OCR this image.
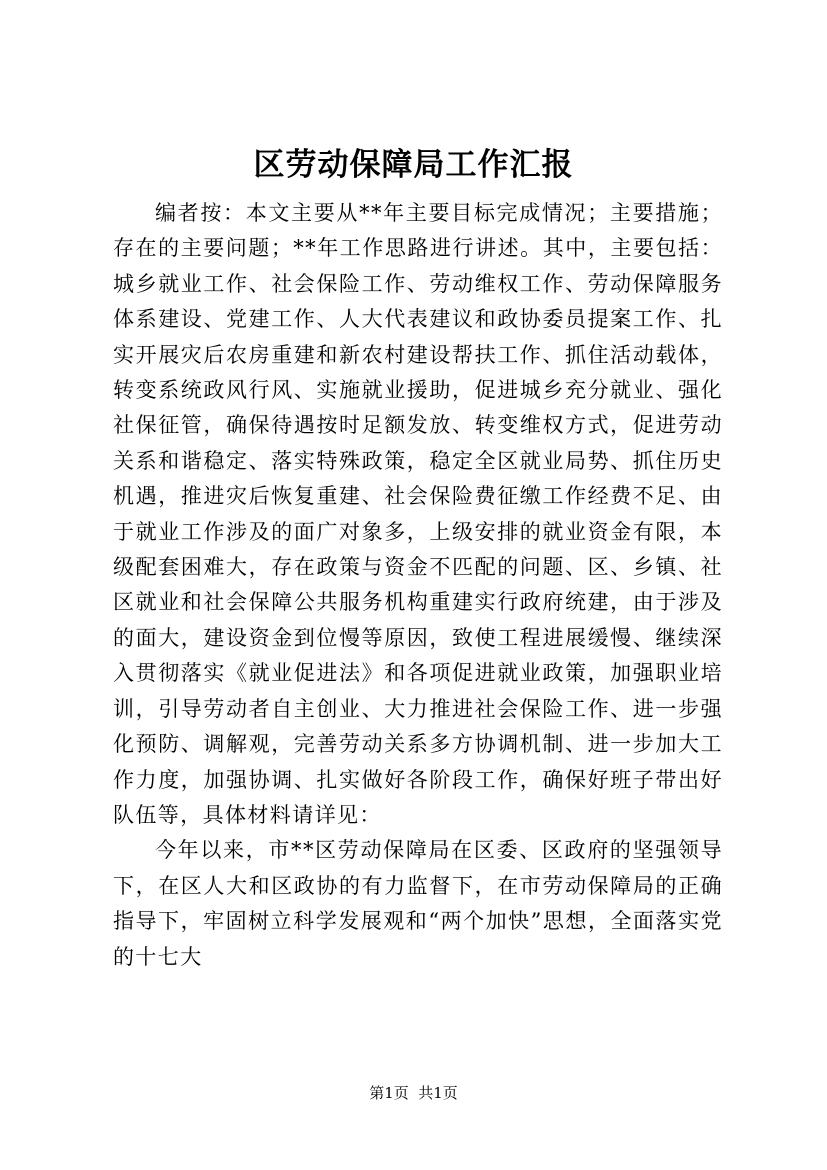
区劳动保障局工作汇报

编者按：本文主要从**年主要目标完成情况；主要措施；存在的主要问题；**年工作思路进行讲述。其中，主要包括：城乡就业工作、社会保险工作、劳动维权工作、劳动保障服务体系建设、党建工作、人大代表建议和政协委员提案工作、扎实开展灾后农房重建和新农村建设帮扶工作、抓住活动载体，转变系统政风行风、实施就业援助，促进城乡充分就业、强化社保征管，确保待遇按时足额发放、转变维权方式，促进劳动关系和谐稳定、落实特殊政策，稳定全区就业局势、抓住历史机遇，推进灾后恢复重建、社会保险费征缴工作经费不足、由于就业工作涉及的面广对象多，上级安排的就业资金有限，本级配套困难大，存在政策与资金不匹配的问题、区、乡镇、社区就业和社会保障公共服务机构重建实行政府统建，由于涉及的面大，建设资金到位慢等原因，致使工程进展缓慢、继续深入贯彻落实《就业促进法》和各项促进就业政策，加强职业培训，引导劳动者自主创业、大力推进社会保险工作、进一步强化预防、调解观，完善劳动关系多方协调机制、进一步加大工作力度，加强协调、扎实做好各阶段工作，确保好班子带出好队伍等，具体材料请详见：

今年以来，市**区劳动保障局在区委、区政府的坚强领导下，在区人大和区政协的有力监督下，在市劳动保障局的正确指导下，牢固树立科学发展观和“两个加快”思想，全面落实党的十七大

第1页  共1页
